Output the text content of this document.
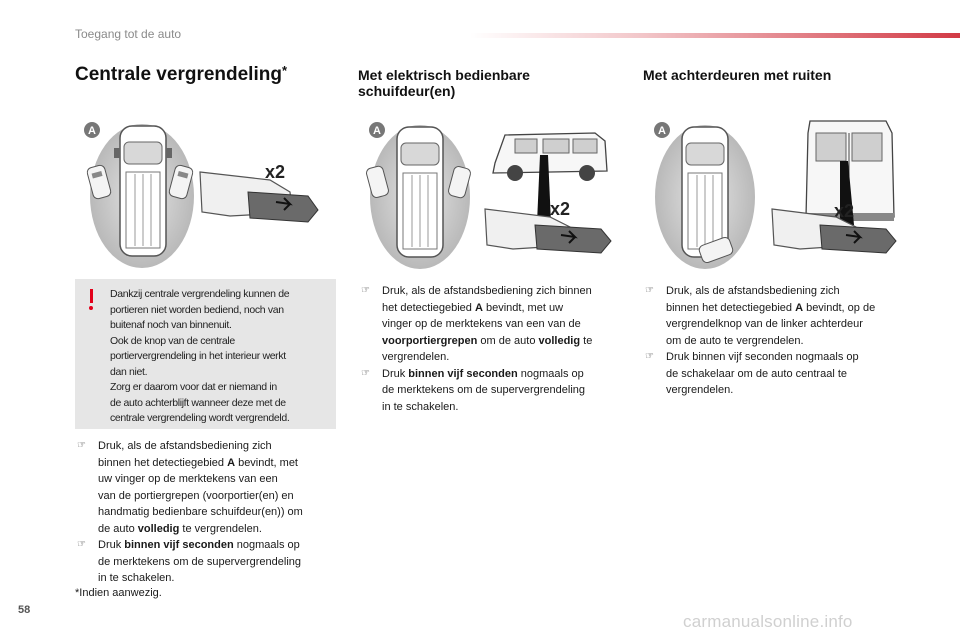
Toegang tot de auto
Centrale vergrendeling*	Met elektrisch bedienbare
schuifdeur(en)
Met achterdeuren met ruiten
A
x2
A
x2
A
x2
Dankzij centrale vergrendeling kunnen de
portieren niet worden bediend, noch van
buitenaf noch van binnenuit.
Ook de knop van de centrale
portiervergrendeling in het interieur werkt
dan niet.
Zorg er daarom voor dat er niemand in
de auto achterblijft wanneer deze met de
centrale vergrendeling wordt vergrendeld.
☞ Druk, als de afstandsbediening zich
binnen het detectiegebied A bevindt, met
uw vinger op de merktekens van een
van de portiergrepen (voorportier(en) en
handmatig bedienbare schuifdeur(en)) om
de auto volledig te vergrendelen.
☞ Druk binnen vijf seconden nogmaals op
de merktekens om de supervergrendeling
in te schakelen.
☞ Druk, als de afstandsbediening zich binnen
het detectiegebied A bevindt, met uw
vinger op de merktekens van een van de
voorportiergrepen om de auto volledig te
vergrendelen.
☞ Druk binnen vijf seconden nogmaals op
de merktekens om de supervergrendeling
in te schakelen.
☞ Druk, als de afstandsbediening zich
binnen het detectiegebied A bevindt, op de
vergrendelknop van de linker achterdeur
om de auto te vergrendelen.
☞ Druk binnen vijf seconden nogmaals op
de schakelaar om de auto centraal te
vergrendelen.
*Indien aanwezig.
58
carmanualsonline.info
